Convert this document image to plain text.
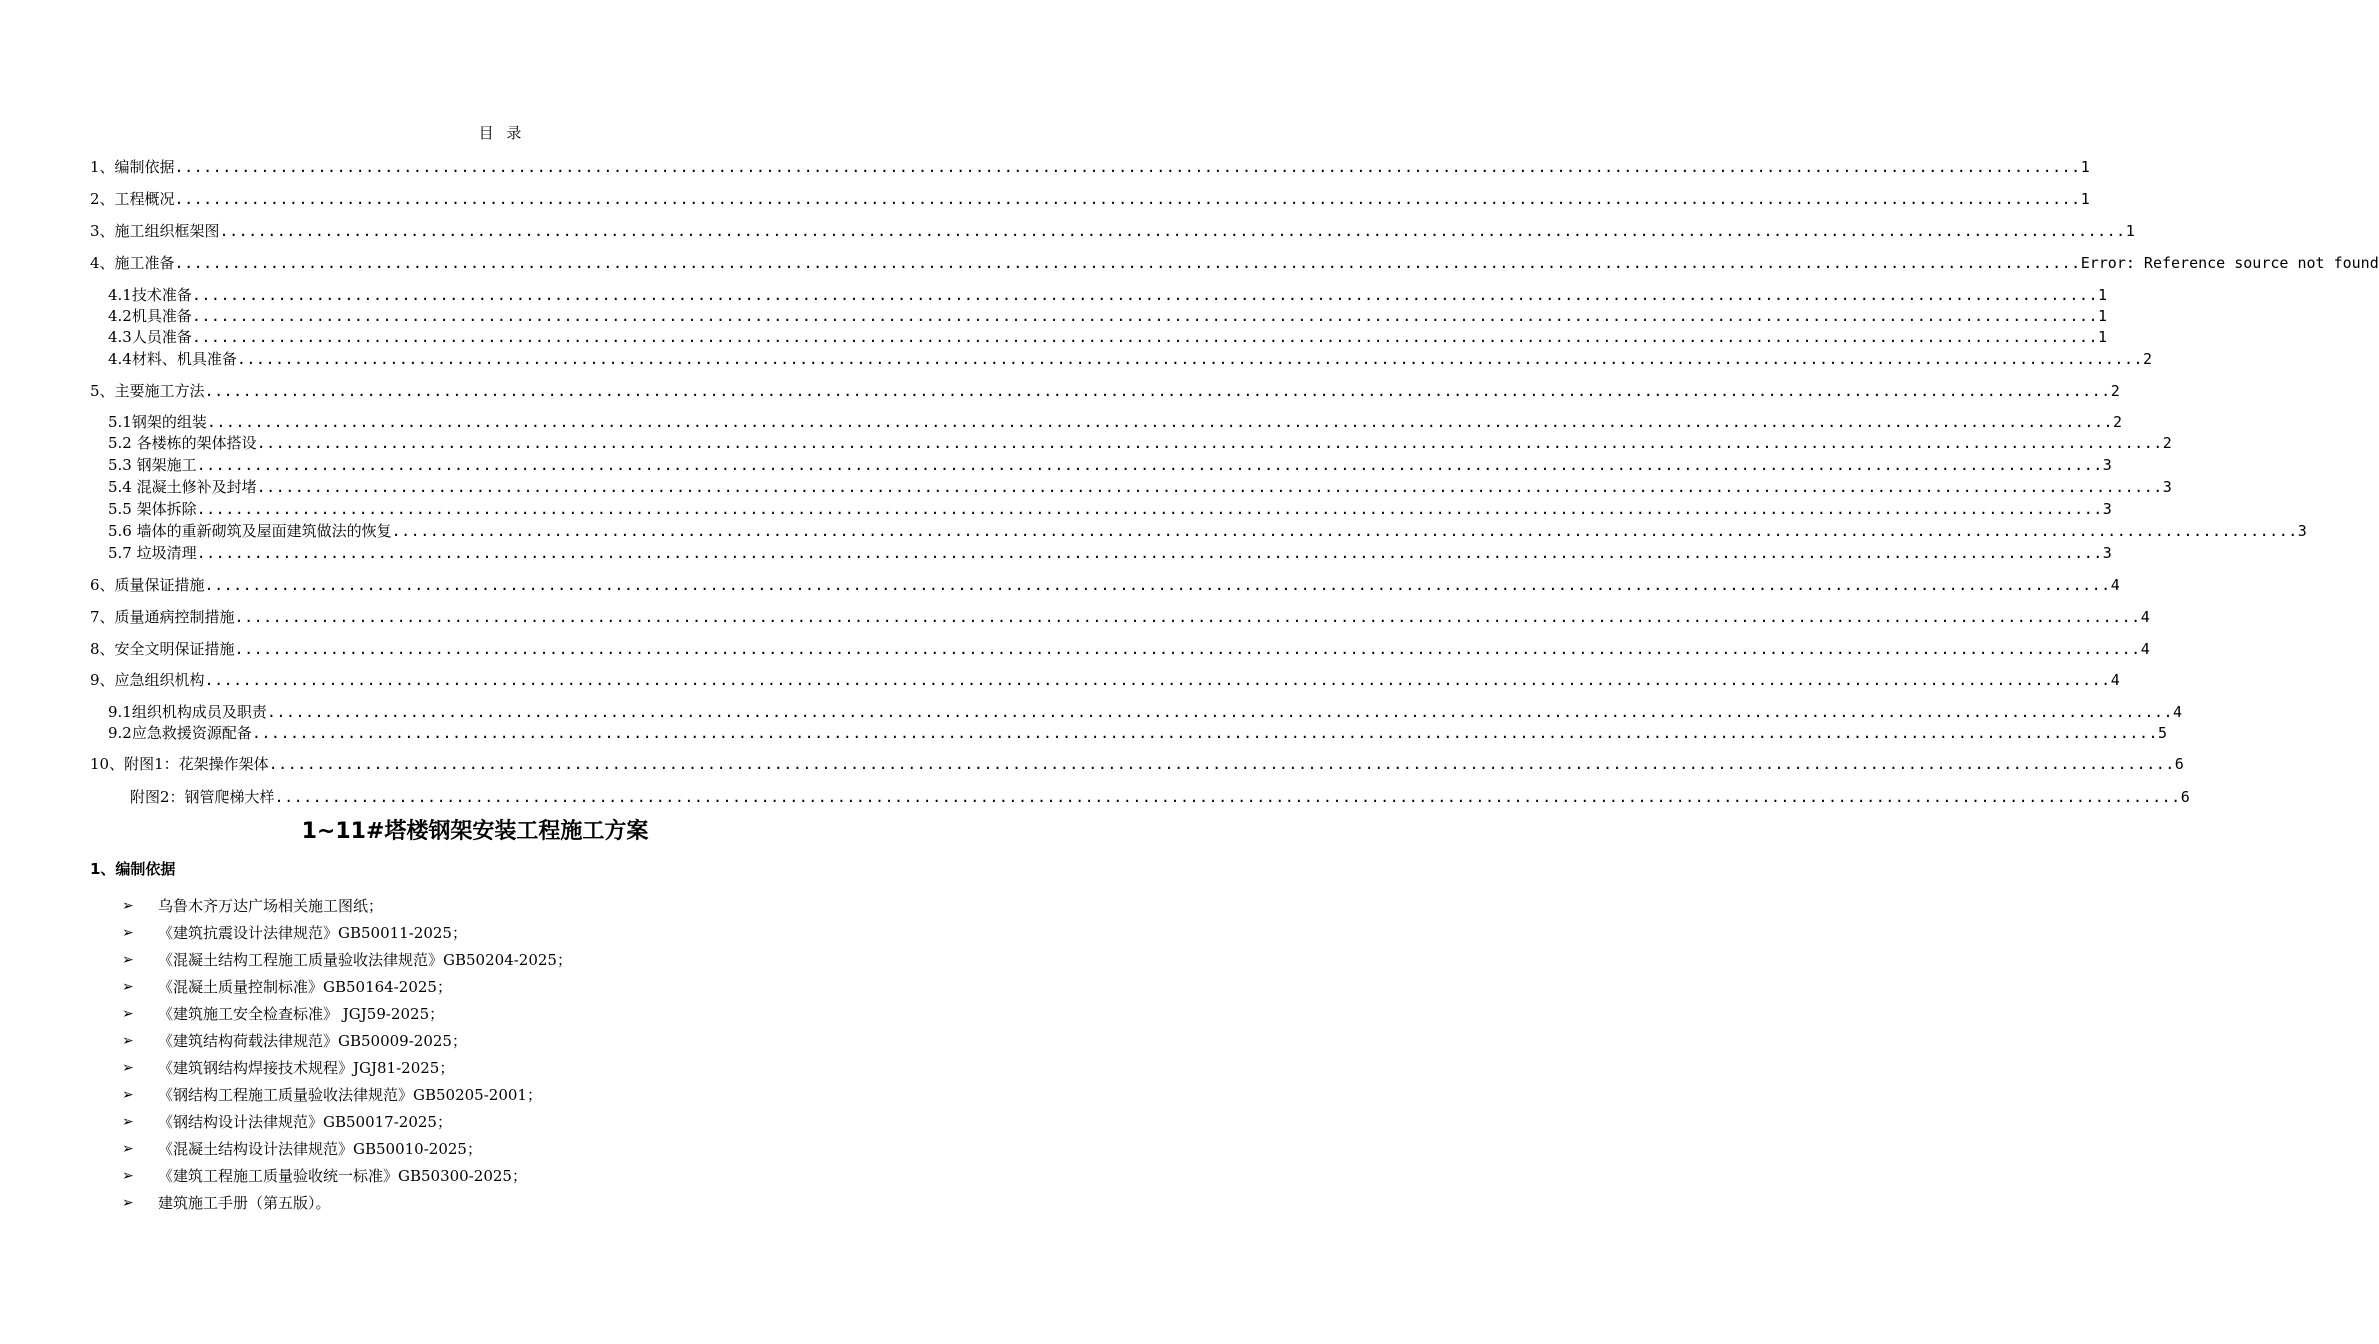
目 录
1、编制依据 ........................................................................................................................................................................................................ 1
2、工程概况 ........................................................................................................................................................................................................ 1
3、施工组织框架图 ........................................................................................................................................................................................................ 1
4、施工准备 ........................................................................................................................................................................................................ Error: Reference source not found
4.1技术准备 ........................................................................................................................................................................................................ 1
4.2机具准备 ........................................................................................................................................................................................................ 1
4.3人员准备 ........................................................................................................................................................................................................ 1
4.4材料、机具准备 ........................................................................................................................................................................................................ 2
5、主要施工方法 ........................................................................................................................................................................................................ 2
5.1钢架的组装 ........................................................................................................................................................................................................ 2
5.2 各楼栋的架体搭设 ........................................................................................................................................................................................................ 2
5.3 钢架施工 ........................................................................................................................................................................................................ 3
5.4 混凝土修补及封堵 ........................................................................................................................................................................................................ 3
5.5 架体拆除 ........................................................................................................................................................................................................ 3
5.6 墙体的重新砌筑及屋面建筑做法的恢复 ........................................................................................................................................................................................................ 3
5.7 垃圾清理 ........................................................................................................................................................................................................ 3
6、质量保证措施 ........................................................................................................................................................................................................ 4
7、质量通病控制措施 ........................................................................................................................................................................................................ 4
8、安全文明保证措施 ........................................................................................................................................................................................................ 4
9、应急组织机构 ........................................................................................................................................................................................................ 4
9.1组织机构成员及职责 ........................................................................................................................................................................................................ 4
9.2应急救援资源配备 ........................................................................................................................................................................................................ 5
10、附图1：花架操作架体 ........................................................................................................................................................................................................ 6
附图2：钢管爬梯大样 ........................................................................................................................................................................................................ 6
1~11#塔楼钢架安装工程施工方案
1、编制依据
➢	乌鲁木齐万达广场相关施工图纸；
➢	《建筑抗震设计法律规范》GB50011-2025；
➢	《混凝土结构工程施工质量验收法律规范》GB50204-2025；
➢	《混凝土质量控制标准》GB50164-2025；
➢	《建筑施工安全检查标准》 JGJ59-2025；
➢	《建筑结构荷载法律规范》GB50009-2025；
➢	《建筑钢结构焊接技术规程》JGJ81-2025；
➢	《钢结构工程施工质量验收法律规范》GB50205-2001；
➢	《钢结构设计法律规范》GB50017-2025；
➢	《混凝土结构设计法律规范》GB50010-2025；
➢	《建筑工程施工质量验收统一标准》GB50300-2025；
➢	建筑施工手册（第五版）。
